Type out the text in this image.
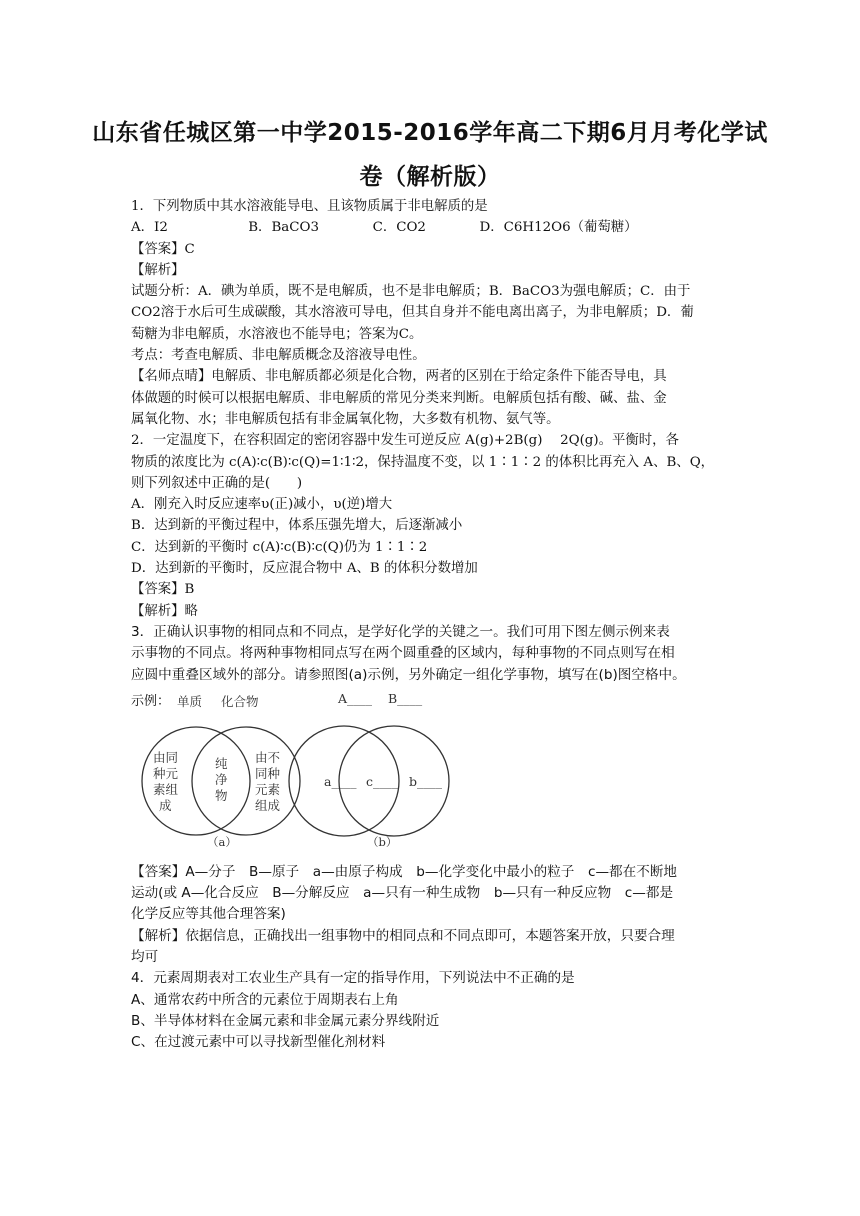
山东省任城区第一中学2015-2016学年高二下期6月月考化学试
卷（解析版）
1．下列物质中其水溶液能导电、且该物质属于非电解质的是
A．I2　　　　　　B．BaCO3　　　　C．CO2　　　　D．C6H12O6（葡萄糖）
【答案】C
【解析】
试题分析：A．碘为单质，既不是电解质，也不是非电解质；B．BaCO3为强电解质；C．由于
CO2溶于水后可生成碳酸，其水溶液可导电，但其自身并不能电离出离子，为非电解质；D．葡
萄糖为非电解质，水溶液也不能导电；答案为C。
考点：考查电解质、非电解质概念及溶液导电性。
【名师点晴】电解质、非电解质都必须是化合物，两者的区别在于给定条件下能否导电，具
体做题的时候可以根据电解质、非电解质的常见分类来判断。电解质包括有酸、碱、盐、金
属氧化物、水；非电解质包括有非金属氧化物，大多数有机物、氨气等。
2．一定温度下，在容积固定的密闭容器中发生可逆反应 A(g)+2B(g)　 2Q(g)。平衡时，各
物质的浓度比为 c(A)∶c(B)∶c(Q)=1∶1∶2，保持温度不变，以 1∶1∶2 的体积比再充入 A、B、Q，
则下列叙述中正确的是(　　)
A．刚充入时反应速率υ(正)减小，υ(逆)增大
B．达到新的平衡过程中，体系压强先增大，后逐渐减小
C．达到新的平衡时 c(A)∶c(B)∶c(Q)仍为 1∶1∶2
D．达到新的平衡时，反应混合物中 A、B 的体积分数增加
【答案】B
【解析】略
3．正确认识事物的相同点和不同点，是学好化学的关键之一。我们可用下图左侧示例来表
示事物的不同点。将两种事物相同点写在两个圆重叠的区域内，每种事物的不同点则写在相
应圆中重叠区域外的部分。请参照图(a)示例，另外确定一组化学事物，填写在(b)图空格中。
示例： 单质 化合物
由同
种元
素组
成
纯
净
物
由不
同种
元素
组成
（a）
A____ B____
a____ c____ b____
（b）
【答案】A—分子　B—原子　a—由原子构成　b—化学变化中最小的粒子　c—都在不断地
运动(或 A—化合反应　B—分解反应　a—只有一种生成物　b—只有一种反应物　c—都是
化学反应等其他合理答案)
【解析】依据信息，正确找出一组事物中的相同点和不同点即可，本题答案开放，只要合理
均可
4．元素周期表对工农业生产具有一定的指导作用，下列说法中不正确的是
A、通常农药中所含的元素位于周期表右上角
B、半导体材料在金属元素和非金属元素分界线附近
C、在过渡元素中可以寻找新型催化剂材料
